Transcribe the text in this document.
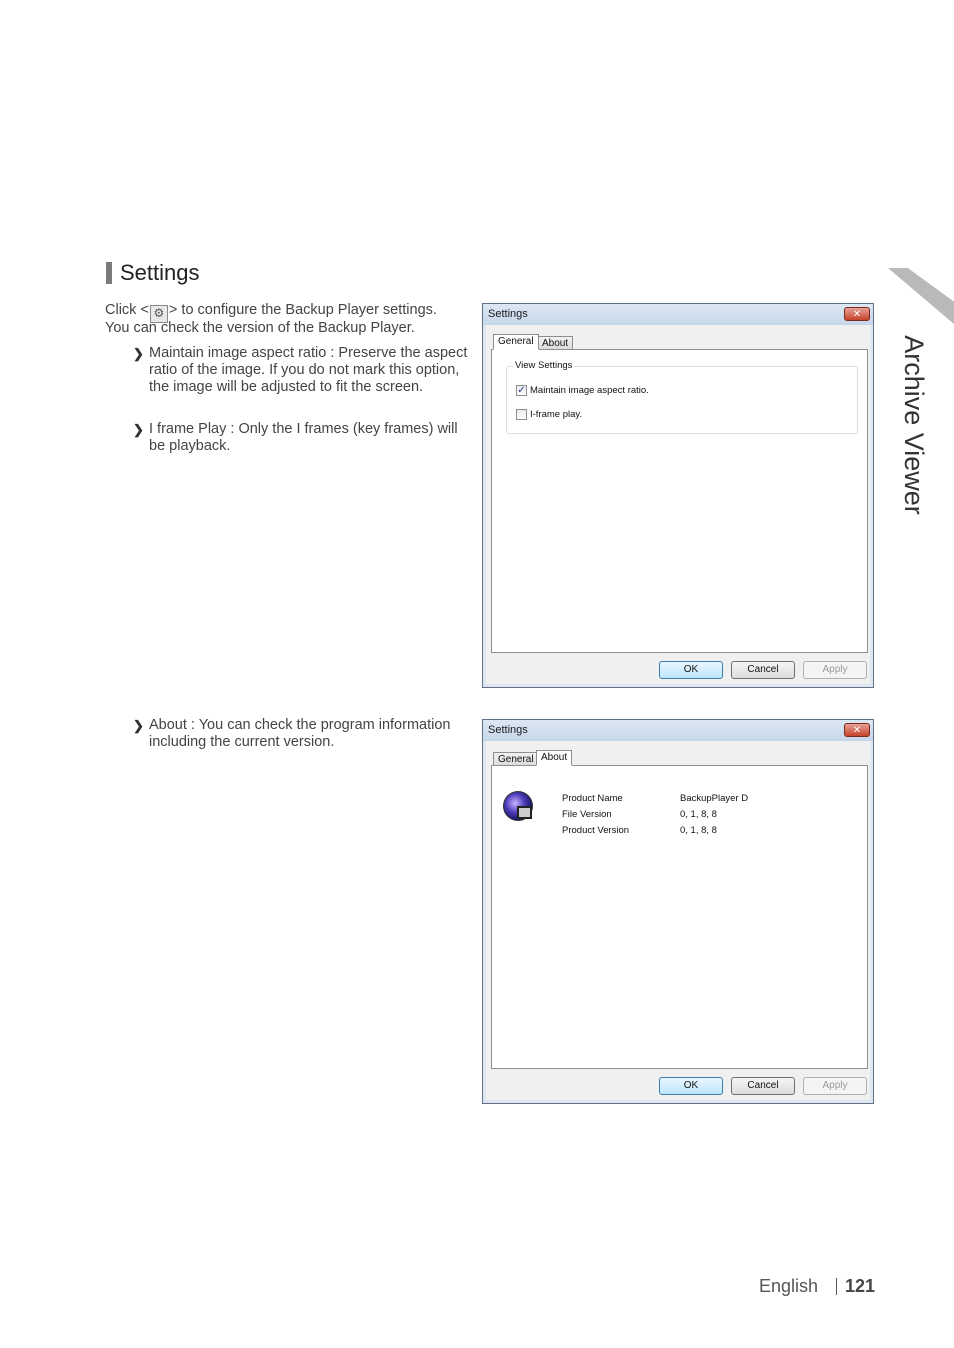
Archive Viewer
Settings
Click < ⚙ > to configure the Backup Player settings.
You can check the version of the Backup Player.
❯ Maintain image aspect ratio : Preserve the aspect ratio of the image. If you do not mark this option, the image will be adjusted to fit the screen.
❯ I frame Play : Only the I frames (key frames) will be playback.
❯ About : You can check the program information including the current version.
Settings	✕
General About
View Settings
✓ Maintain image aspect ratio.
I-frame play.
OK	Cancel	Apply
Settings	✕
General About
Product Name	BackupPlayer D
File Version	0, 1, 8, 8
Product Version	0, 1, 8, 8
OK	Cancel	Apply
English 121
